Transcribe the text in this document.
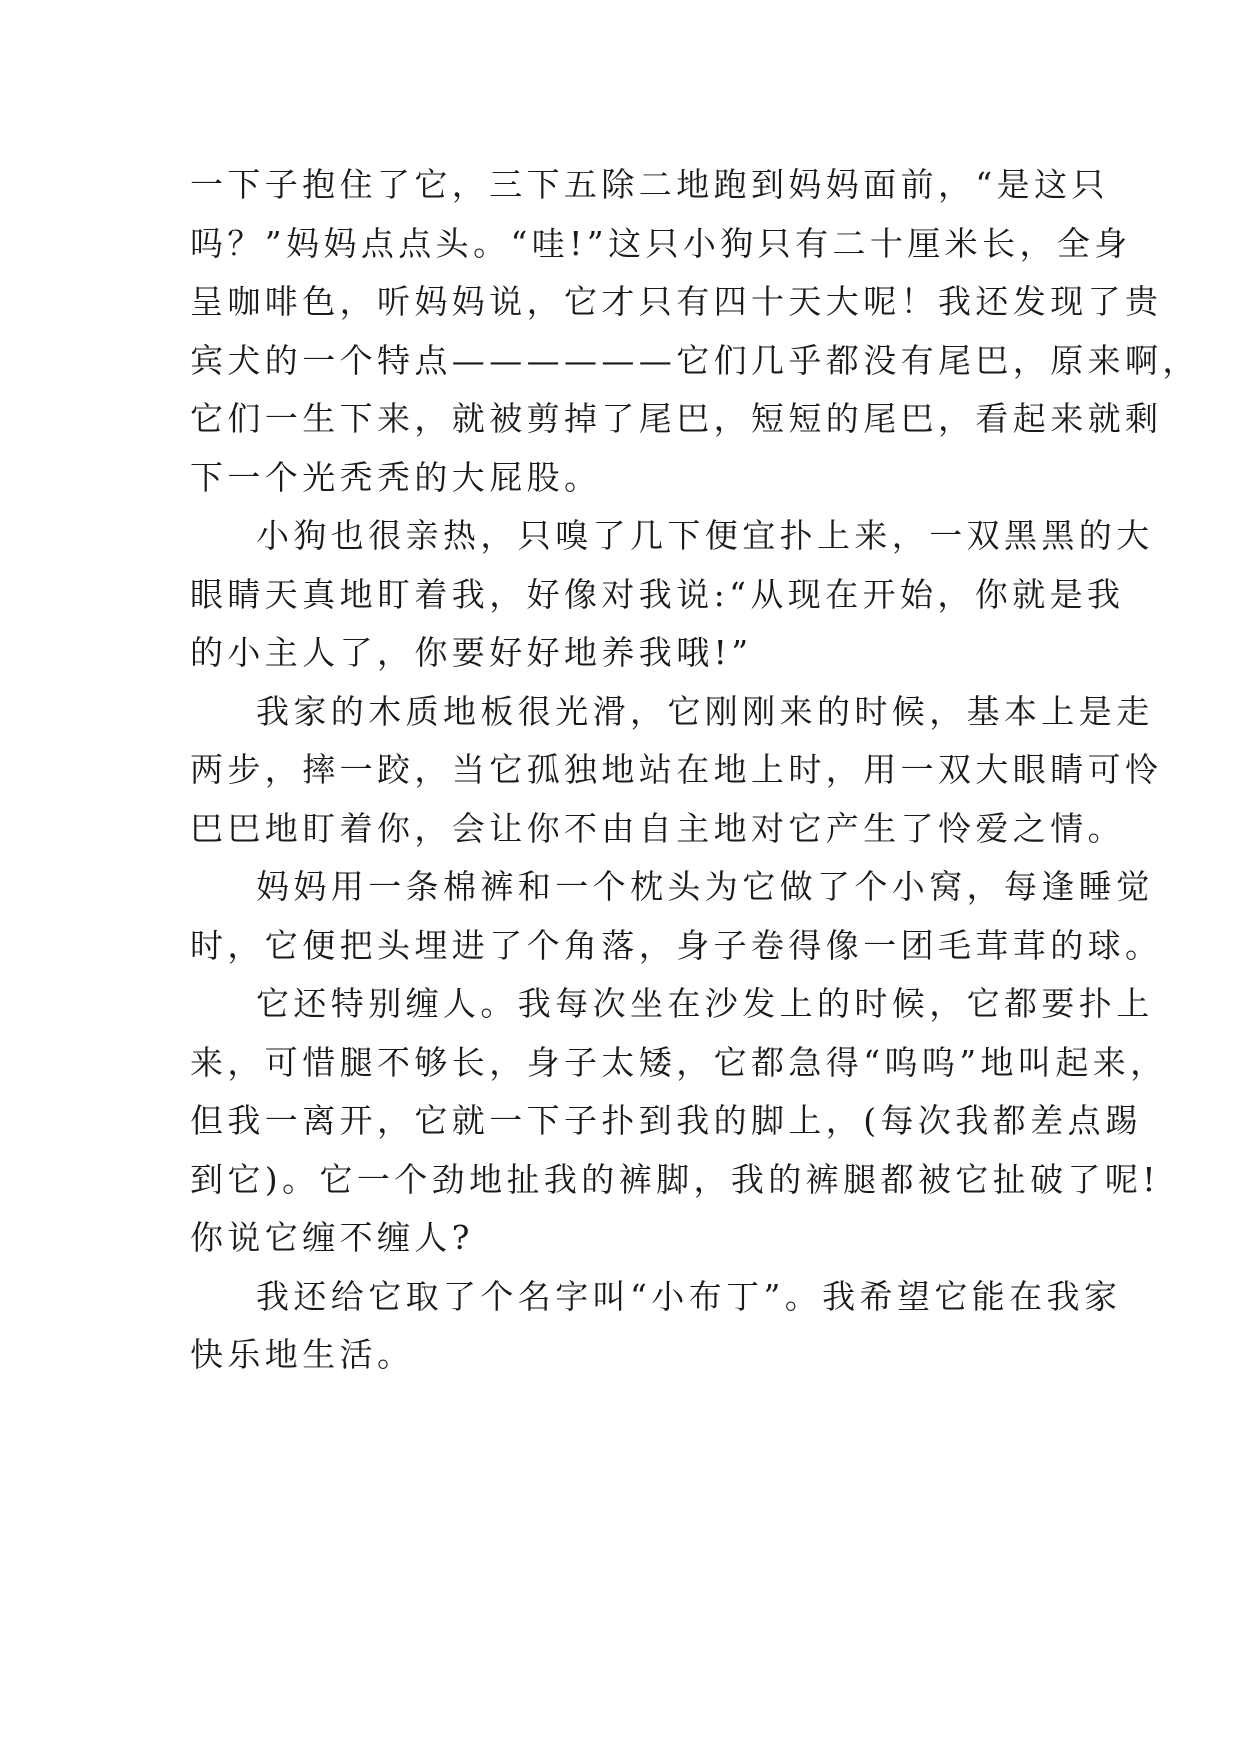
一下子抱住了它，三下五除二地跑到妈妈面前，“是这只
吗？”妈妈点点头。“哇!”这只小狗只有二十厘米长，全身
呈咖啡色，听妈妈说，它才只有四十天大呢！我还发现了贵
宾犬的一个特点——————它们几乎都没有尾巴，原来啊，
它们一生下来，就被剪掉了尾巴，短短的尾巴，看起来就剩
下一个光秃秃的大屁股。
小狗也很亲热，只嗅了几下便宜扑上来，一双黑黑的大
眼睛天真地盯着我，好像对我说:“从现在开始，你就是我
的小主人了，你要好好地养我哦!”
我家的木质地板很光滑，它刚刚来的时候，基本上是走
两步，摔一跤，当它孤独地站在地上时，用一双大眼睛可怜
巴巴地盯着你，会让你不由自主地对它产生了怜爱之情。
妈妈用一条棉裤和一个枕头为它做了个小窝，每逢睡觉
时，它便把头埋进了个角落，身子卷得像一团毛茸茸的球。
它还特别缠人。我每次坐在沙发上的时候，它都要扑上
来，可惜腿不够长，身子太矮，它都急得“呜呜”地叫起来，
但我一离开，它就一下子扑到我的脚上，(每次我都差点踢
到它)。它一个劲地扯我的裤脚，我的裤腿都被它扯破了呢!
你说它缠不缠人?
我还给它取了个名字叫“小布丁”。我希望它能在我家
快乐地生活。
